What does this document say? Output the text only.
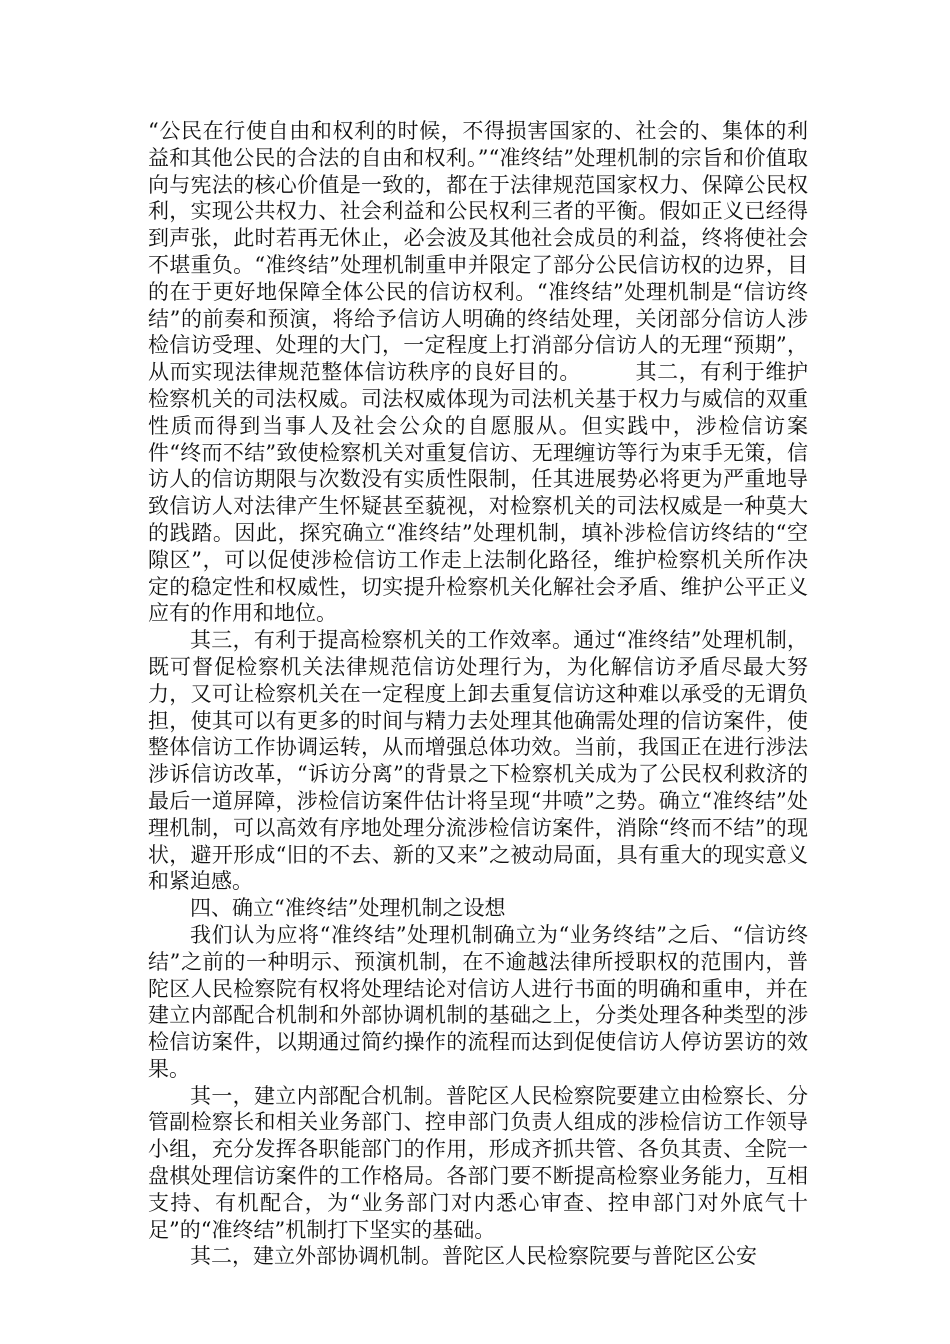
“公民在行使自由和权利的时候，不得损害国家的、社会的、集体的利益和其他公民的合法的自由和权利。”“准终结”处理机制的宗旨和价值取向与宪法的核心价值是一致的，都在于法律规范国家权力、保障公民权利，实现公共权力、社会利益和公民权利三者的平衡。假如正义已经得到声张，此时若再无休止，必会波及其他社会成员的利益，终将使社会不堪重负。“准终结”处理机制重申并限定了部分公民信访权的边界，目的在于更好地保障全体公民的信访权利。“准终结”处理机制是“信访终结”的前奏和预演，将给予信访人明确的终结处理，关闭部分信访人涉检信访受理、处理的大门，一定程度上打消部分信访人的无理“预期”，从而实现法律规范整体信访秩序的良好目的。　　　其二，有利于维护检察机关的司法权威。司法权威体现为司法机关基于权力与威信的双重性质而得到当事人及社会公众的自愿服从。但实践中，涉检信访案件“终而不结”致使检察机关对重复信访、无理缠访等行为束手无策，信访人的信访期限与次数没有实质性限制，任其进展势必将更为严重地导致信访人对法律产生怀疑甚至藐视，对检察机关的司法权威是一种莫大的践踏。因此，探究确立“准终结”处理机制，填补涉检信访终结的“空隙区”，可以促使涉检信访工作走上法制化路径，维护检察机关所作决定的稳定性和权威性，切实提升检察机关化解社会矛盾、维护公平正义应有的作用和地位。

其三，有利于提高检察机关的工作效率。通过“准终结”处理机制，既可督促检察机关法律规范信访处理行为，为化解信访矛盾尽最大努力，又可让检察机关在一定程度上卸去重复信访这种难以承受的无谓负担，使其可以有更多的时间与精力去处理其他确需处理的信访案件，使整体信访工作协调运转，从而增强总体功效。当前，我国正在进行涉法涉诉信访改革，“诉访分离”的背景之下检察机关成为了公民权利救济的最后一道屏障，涉检信访案件估计将呈现“井喷”之势。确立“准终结”处理机制，可以高效有序地处理分流涉检信访案件，消除“终而不结”的现状，避开形成“旧的不去、新的又来”之被动局面，具有重大的现实意义和紧迫感。

四、确立“准终结”处理机制之设想

我们认为应将“准终结”处理机制确立为“业务终结”之后、“信访终结”之前的一种明示、预演机制，在不逾越法律所授职权的范围内，普陀区人民检察院有权将处理结论对信访人进行书面的明确和重申，并在建立内部配合机制和外部协调机制的基础之上，分类处理各种类型的涉检信访案件，以期通过简约操作的流程而达到促使信访人停访罢访的效果。

其一，建立内部配合机制。普陀区人民检察院要建立由检察长、分管副检察长和相关业务部门、控申部门负责人组成的涉检信访工作领导小组，充分发挥各职能部门的作用，形成齐抓共管、各负其责、全院一盘棋处理信访案件的工作格局。各部门要不断提高检察业务能力，互相支持、有机配合，为“业务部门对内悉心审查、控申部门对外底气十足”的“准终结”机制打下坚实的基础。

其二，建立外部协调机制。普陀区人民检察院要与普陀区公安
